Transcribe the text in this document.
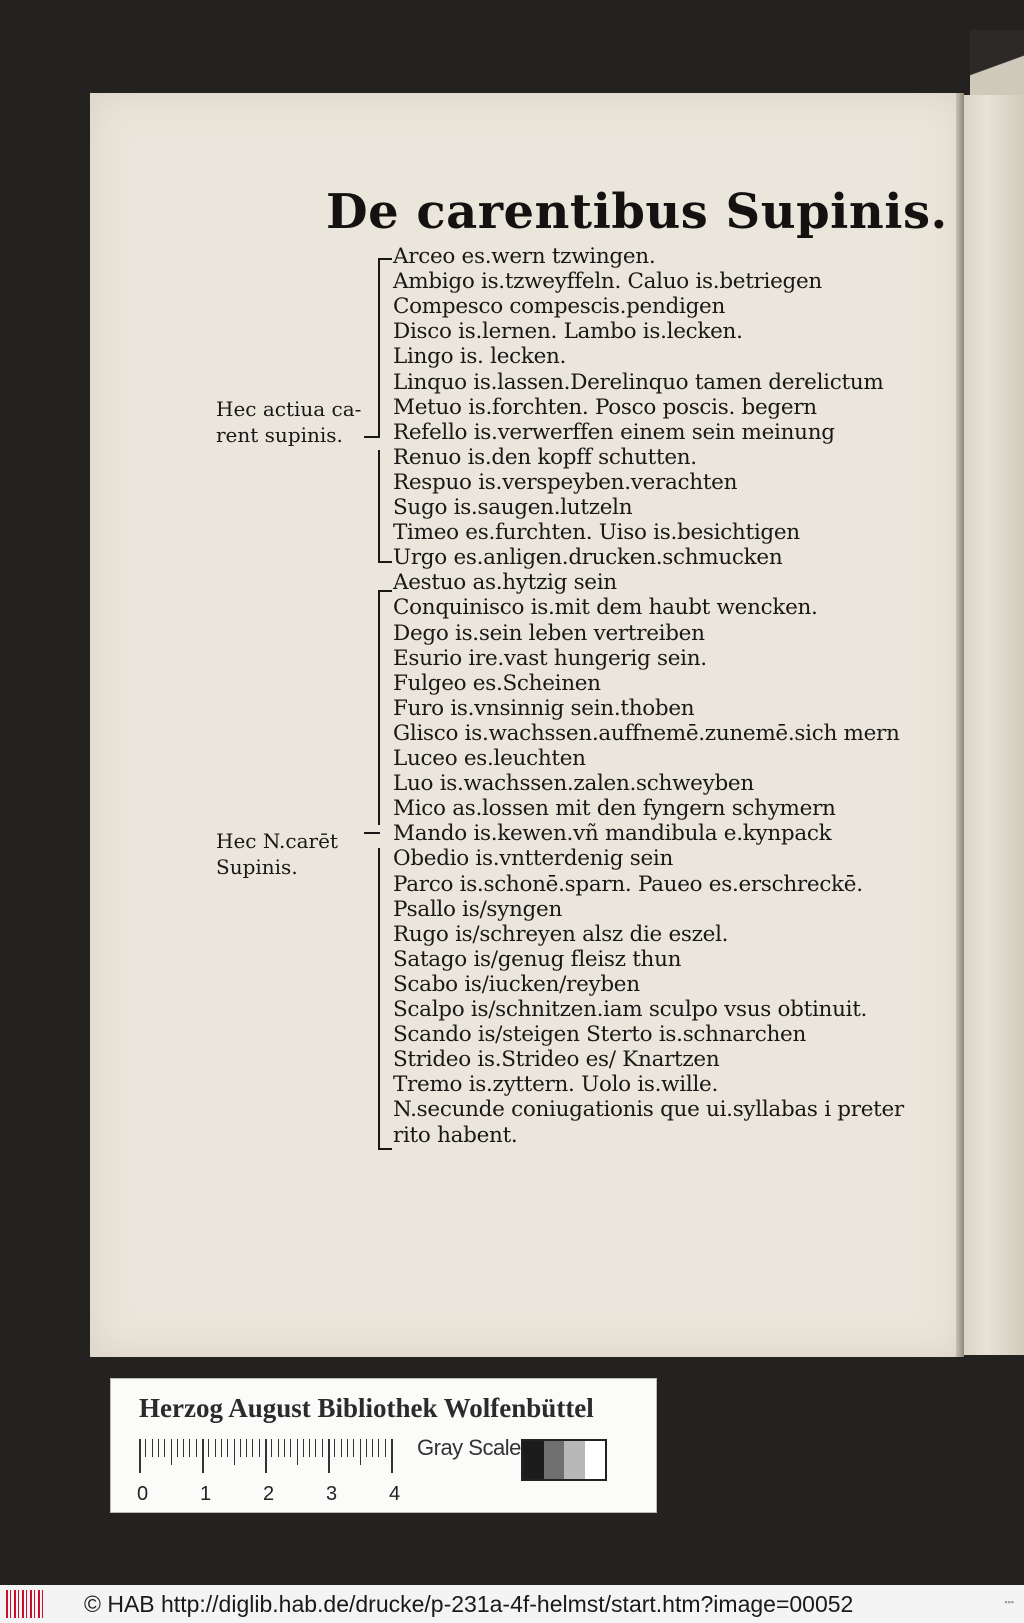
De carentibus Supinis.
Arceo es.wern tzwingen.
Ambigo is.tzweyffeln. Caluo is.betriegen
Compesco compescis.pendigen
Disco is.lernen. Lambo is.lecken.
Lingo is. lecken.
Linquo is.lassen.Derelinquo tamen derelictum
Metuo is.forchten. Posco poscis. begern
Refello is.verwerffen einem sein meinung
Renuo is.den kopff schutten.
Respuo is.verspeyben.verachten
Sugo is.saugen.lutzeln
Timeo es.furchten. Uiso is.besichtigen
Urgo es.anligen.drucken.schmucken
Aestuo as.hytzig sein
Conquinisco is.mit dem haubt wencken.
Dego is.sein leben vertreiben
Esurio ire.vast hungerig sein.
Fulgeo es.Scheinen
Furo is.vnsinnig sein.thoben
Glisco is.wachssen.auffnemē.zunemē.sich mern
Luceo es.leuchten
Luo is.wachssen.zalen.schweyben
Mico as.lossen mit den fyngern schymern
Mando is.kewen.vñ mandibula e.kynpack
Obedio is.vntterdenig sein
Parco is.schonē.sparn. Paueo es.erschreckē.
Psallo is/syngen
Rugo is/schreyen alsz die eszel.
Satago is/genug fleisz thun
Scabo is/iucken/reyben
Scalpo is/schnitzen.iam sculpo vsus obtinuit.
Scando is/steigen Sterto is.schnarchen
Strideo is.Strideo es/ Knartzen
Tremo is.zyttern. Uolo is.wille.
N.secunde coniugationis que ui.syllabas i preter
rito habent.
Hec actiua ca-
rent supinis.
Hec N.carēt
Supinis.
Herzog August Bibliothek Wolfenbüttel
0	1	2	3	4
Gray Scale
© HAB http://diglib.hab.de/drucke/p-231a-4f-helmst/start.htm?image=00052	▪▪▪
